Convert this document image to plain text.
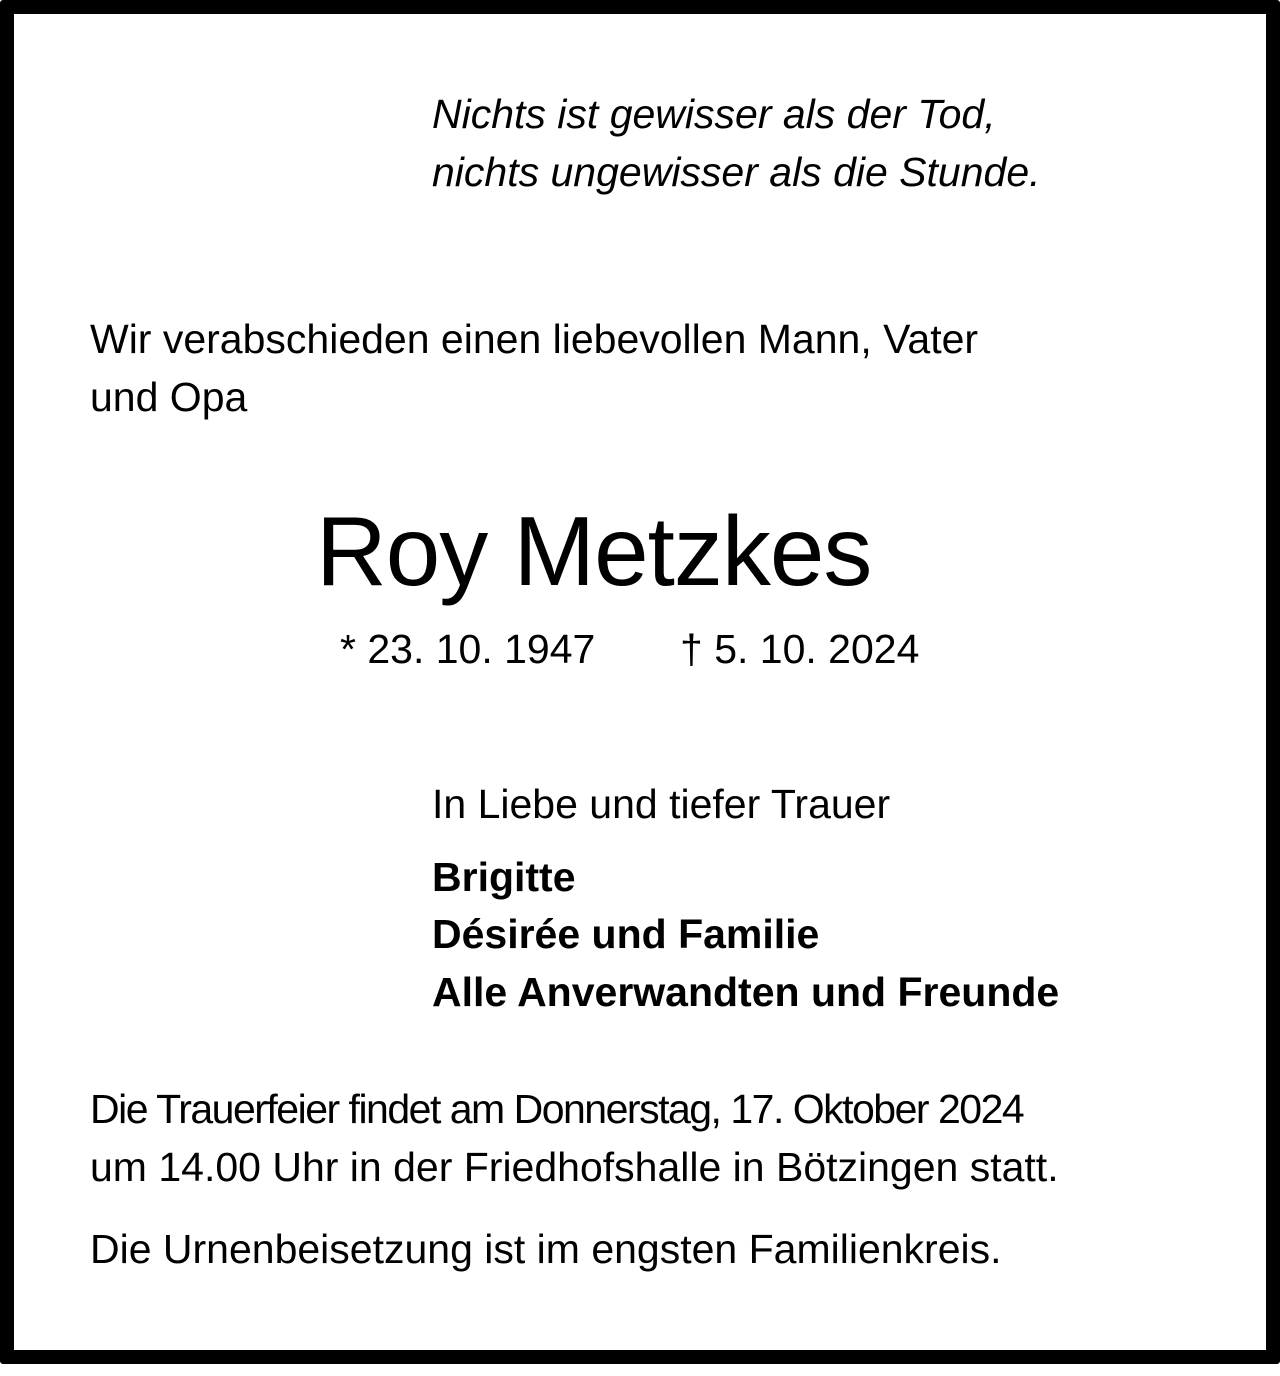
Nichts ist gewisser als der Tod,
nichts ungewisser als die Stunde.
Wir verabschieden einen liebevollen Mann, Vater
und Opa
Roy Metzkes
* 23. 10. 1947 † 5. 10. 2024
In Liebe und tiefer Trauer
Brigitte
Désirée und Familie
Alle Anverwandten und Freunde
Die Trauerfeier findet am Donnerstag, 17. Oktober 2024
um 14.00 Uhr in der Friedhofshalle in Bötzingen statt.
Die Urnenbeisetzung ist im engsten Familienkreis.
